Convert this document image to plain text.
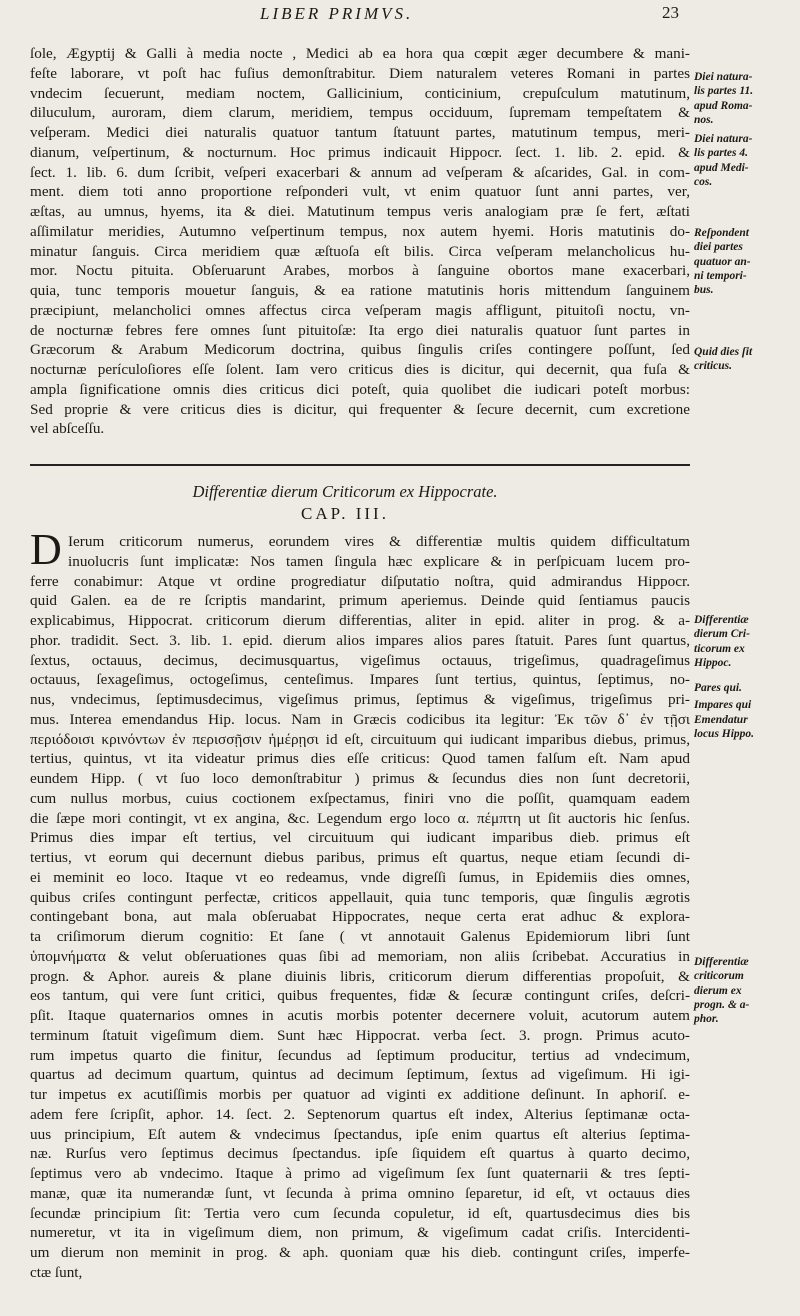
LIBER PRIMVS.	23
ſole, Ægyptij & Galli à media nocte , Medici ab ea hora qua cœpit æger decumbere & mani-
feſte laborare, vt poſt hac fuſius demonſtrabitur. Diem naturalem veteres Romani in partes
vndecim ſecuerunt, mediam noctem, Gallicinium, conticinium, crepuſculum matutinum,
diluculum, auroram, diem clarum, meridiem, tempus occiduum, ſupremam tempeſtatem &
veſperam. Medici diei naturalis quatuor tantum ſtatuunt partes, matutinum tempus, meri-
dianum, veſpertinum, & nocturnum. Hoc primus indicauit Hippocr. ſect. 1. lib. 2. epid. &
ſect. 1. lib. 6. dum ſcribit, veſperi exacerbari & annum ad veſperam & aſcarides, Gal. in com-
ment. diem toti anno proportione reſponderi vult, vt enim quatuor ſunt anni partes, ver,
æſtas, au umnus, hyems, ita & diei. Matutinum tempus veris analogiam præ ſe fert, æſtati
aſſimilatur meridies, Autumno veſpertinum tempus, nox autem hyemi. Horis matutinis do-
minatur ſanguis. Circa meridiem quæ æſtuoſa eſt bilis. Circa veſperam melancholicus hu-
mor. Noctu pituita. Obſeruarunt Arabes, morbos à ſanguine obortos mane exacerbari,
quia, tunc temporis mouetur ſanguis, & ea ratione matutinis horis mittendum ſanguinem
præcipiunt, melancholici omnes affectus circa veſperam magis affligunt, pituitoſi noctu, vn-
de nocturnæ febres fere omnes ſunt pituitoſæ: Ita ergo diei naturalis quatuor ſunt partes in
Græcorum & Arabum Medicorum doctrina, quibus ſingulis criſes contingere poſſunt, ſed
nocturnæ perículoſiores eſſe ſolent. Iam vero criticus dies is dicitur, qui decernit, qua fuſa &
ampla ſignificatione omnis dies criticus dici poteſt, quia quolibet die iudicari poteſt morbus:
Sed proprie & vere criticus dies is dicitur, qui frequenter & ſecure decernit, cum excretione
vel abſceſſu.
Differentiæ dierum Criticorum ex Hippocrate.
CAP. III.
D Ierum criticorum numerus, eorundem vires & differentiæ multis quidem difficultatum
inuolucris ſunt implicatæ: Nos tamen ſingula hæc explicare & in perſpicuam lucem pro-
ferre conabimur: Atque vt ordine progrediatur diſputatio noſtra, quid admirandus Hippocr.
quid Galen. ea de re ſcriptis mandarint, primum aperiemus. Deinde quid ſentiamus paucis
explicabimus, Hippocrat. criticorum dierum differentias, aliter in epid. aliter in prog. & a-
phor. tradidit. Sect. 3. lib. 1. epid. dierum alios impares alios pares ſtatuit. Pares ſunt quartus,
ſextus, octauus, decimus, decimusquartus, vigeſimus octauus, trigeſimus, quadrageſimus
octauus, ſexageſimus, octogeſimus, centeſimus. Impares ſunt tertius, quintus, ſeptimus, no-
nus, vndecimus, ſeptimusdecimus, vigeſimus primus, ſeptimus & vigeſimus, trigeſimus pri-
mus. Interea emendandus Hip. locus. Nam in Græcis codicibus ita legitur: Ἐκ τῶν δ᾽ ἐν τῇσι
περιόδοισι κρινόντων ἐν περισσῇσιν ἡμέρῃσι id eſt, circuituum qui iudicant imparibus diebus, primus,
tertius, quintus, vt ita videatur primus dies eſſe criticus: Quod tamen falſum eſt. Nam apud
eundem Hipp. ( vt ſuo loco demonſtrabitur ) primus & ſecundus dies non ſunt decretorii,
cum nullus morbus, cuius coctionem exſpectamus, finiri vno die poſſit, quamquam eadem
die ſæpe mori contingit, vt ex angina, &c. Legendum ergo loco α. πέμπτη ut ſit auctoris hic ſenſus.
Primus dies impar eſt tertius, vel circuituum qui iudicant imparibus dieb. primus eſt
tertius, vt eorum qui decernunt diebus paribus, primus eſt quartus, neque etiam ſecundi di-
ei meminit eo loco. Itaque vt eo redeamus, vnde digreſſi ſumus, in Epidemiis dies omnes,
quibus criſes contingunt perfectæ, criticos appellauit, quia tunc temporis, quæ ſingulis ægrotis
contingebant bona, aut mala obſeruabat Hippocrates, neque certa erat adhuc & explora-
ta criſimorum dierum cognitio: Et ſane ( vt annotauit Galenus Epidemiorum libri ſunt
ὑπομνήματα & velut obſeruationes quas ſibi ad memoriam, non aliis ſcribebat. Accuratius in
progn. & Aphor. aureis & plane diuinis libris, criticorum dierum differentias propoſuit, &
eos tantum, qui vere ſunt critici, quibus frequentes, fidæ & ſecuræ contingunt criſes, deſcri-
pſit. Itaque quaternarios omnes in acutis morbis potenter decernere voluit, acutorum autem
terminum ſtatuit vigeſimum diem. Sunt hæc Hippocrat. verba ſect. 3. progn. Primus acuto-
rum impetus quarto die finitur, ſecundus ad ſeptimum producitur, tertius ad vndecimum,
quartus ad decimum quartum, quintus ad decimum ſeptimum, ſextus ad vigeſimum. Hi igi-
tur impetus ex acutiſſimis morbis per quatuor ad viginti ex additione deſinunt. In aphoriſ. e-
adem fere ſcripſit, aphor. 14. ſect. 2. Septenorum quartus eſt index, Alterius ſeptimanæ octa-
uus principium, Eſt autem & vndecimus ſpectandus, ipſe enim quartus eſt alterius ſeptima-
næ. Rurſus vero ſeptimus decimus ſpectandus. ipſe ſiquidem eſt quartus à quarto decimo,
ſeptimus vero ab vndecimo. Itaque à primo ad vigeſimum ſex ſunt quaternarii & tres ſepti-
manæ, quæ ita numerandæ ſunt, vt ſecunda à prima omnino ſeparetur, id eſt, vt octauus dies
ſecundæ principium ſit: Tertia vero cum ſecunda copuletur, id eſt, quartusdecimus dies bis
numeretur, vt ita in vigeſimum diem, non primum, & vigeſimum cadat criſis. Intercidenti-
um dierum non meminit in prog. & aph. quoniam quæ his dieb. contingunt criſes, imperfe-
ctæ ſunt,
Diei natura-
lis partes 11.
apud Roma-
nos.
Diei natura-
lis partes 4.
apud Medi-
cos.
Reſpondent
diei partes
quatuor an-
ni tempori-
bus.
Quid dies ſit
criticus.
Differentiæ
dierum Cri-
ticorum ex
Hippoc.
Pares qui.
Impares qui
Emendatur
locus Hippo.
Differentiæ
criticorum
dierum ex
progn. & a-
phor.
